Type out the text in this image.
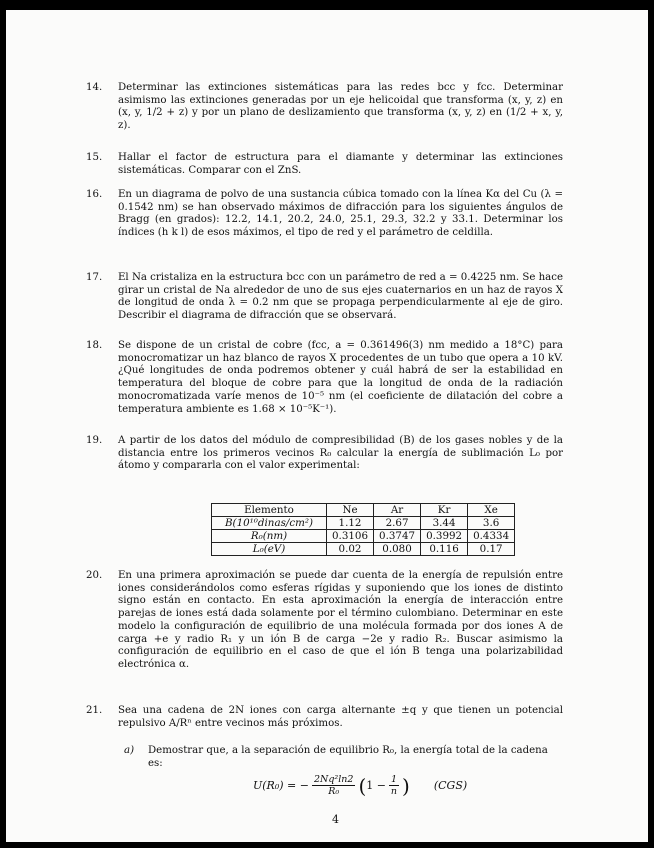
14. Determinar las extinciones sistemáticas para las redes bcc y fcc. Determinar asimismo las extinciones generadas por un eje helicoidal que transforma (x, y, z) en (x, y, 1/2 + z) y por un plano de deslizamiento que transforma (x, y, z) en (1/2 + x, y, z).

15. Hallar el factor de estructura para el diamante y determinar las extinciones sistemáticas. Comparar con el ZnS.

16. En un diagrama de polvo de una sustancia cúbica tomado con la línea Kα del Cu (λ = 0.1542 nm) se han observado máximos de difracción para los siguientes ángulos de Bragg (en grados): 12.2, 14.1, 20.2, 24.0, 25.1, 29.3, 32.2 y 33.1. Determinar los índices (h k l) de esos máximos, el tipo de red y el parámetro de celdilla.

17. El Na cristaliza en la estructura bcc con un parámetro de red a = 0.4225 nm. Se hace girar un cristal de Na alrededor de uno de sus ejes cuaternarios en un haz de rayos X de longitud de onda λ = 0.2 nm que se propaga perpendicularmente al eje de giro. Describir el diagrama de difracción que se observará.

18. Se dispone de un cristal de cobre (fcc, a = 0.361496(3) nm medido a 18°C) para monocromatizar un haz blanco de rayos X procedentes de un tubo que opera a 10 kV. ¿Qué longitudes de onda podremos obtener y cuál habrá de ser la estabilidad en temperatura del bloque de cobre para que la longitud de onda de la radiación monocromatizada varíe menos de 10⁻⁵ nm (el coeficiente de dilatación del cobre a temperatura ambiente es 1.68 × 10⁻⁵K⁻¹).

19. A partir de los datos del módulo de compresibilidad (B) de los gases nobles y de la distancia entre los primeros vecinos R₀ calcular la energía de sublimación L₀ por átomo y compararla con el valor experimental:

Elemento	Ne	Ar	Kr	Xe
B(10¹⁰dinas/cm²)	1.12	2.67	3.44	3.6
R₀(nm)	0.3106	0.3747	0.3992	0.4334
L₀(eV)	0.02	0.080	0.116	0.17
20. En una primera aproximación se puede dar cuenta de la energía de repulsión entre iones considerándolos como esferas rígidas y suponiendo que los iones de distinto signo están en contacto. En esta aproximación la energía de interacción entre parejas de iones está dada solamente por el término culombiano. Determinar en este modelo la configuración de equilibrio de una molécula formada por dos iones A de carga +e y radio R₁ y un ión B de carga −2e y radio R₂. Buscar asimismo la configuración de equilibrio en el caso de que el ión B tenga una polarizabilidad electrónica α.

21. Sea una cadena de 2N iones con carga alternante ±q y que tienen un potencial repulsivo A/Rⁿ entre vecinos más próximos.

a) Demostrar que, a la separación de equilibrio R₀, la energía total de la cadena es:

U(R₀) = − $\frac{\text{2Nq²ln2}}{\text{R₀}}$ ( $1 - \frac{1}{n}$ ) (CGS)
4
